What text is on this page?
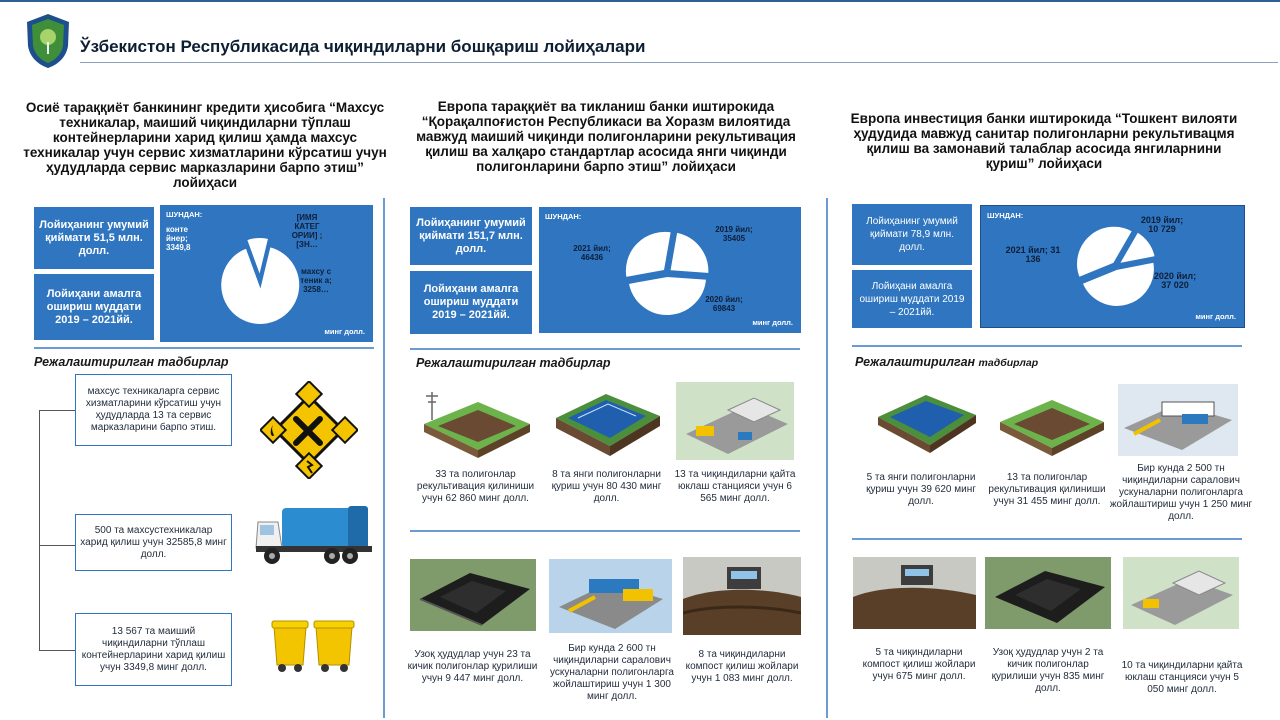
Ўзбекистон Республикасида чиқиндиларни бошқариш лойиҳалари
Осиё тараққиёт банкининг кредити ҳисобига “Махсус техникалар, маиший чиқиндиларни тўплаш контейнерларини харид қилиш ҳамда махсус техникалар учун сервис хизматларини кўрсатиш учун ҳудудларда сервис марказларини барпо этиш” лойиҳаси
Лойиҳанинг умумий қиймати 51,5 млн. долл.
Лойиҳани амалга ошириш муддати 2019 – 2021йй.
ШУНДАН:
конте йнер; 3349,8
[ИМЯ КАТЕГ ОРИИ] ; [ЗН…
махсу с теник а; 3258…
минг долл.
Режалаштирилган тадбирлар
махсус техникаларга сервис хизматларини кўрсатиш учун ҳудудларда 13 та сервис марказларини барпо этиш.
500 та махсустехникалар харид қилиш учун 32585,8 минг долл.
13 567 та маиший чиқиндиларни тўплаш контейнерларини харид қилиш учун 3349,8 минг долл.
Европа тараққиёт ва тикланиш банки иштирокида “Қорақалпоғистон Республикаси ва Хоразм вилоятида мавжуд маиший чиқинди полигонларини рекультивация қилиш ва халқаро стандартлар асосида янги чиқинди полигонларини барпо этиш” лойиҳаси
Лойиҳанинг умумий қиймати 151,7 млн. долл.
Лойиҳани амалга ошириш муддати 2019 – 2021йй.
ШУНДАН:
2019 йил; 35405
2020 йил; 69843
2021 йил; 46436
минг долл.
Режалаштирилган тадбирлар
33 та полигонлар рекультивация қилиниши учун 62 860 минг долл.
8 та янги полигонларни қуриш учун 80 430 минг долл.
13 та чиқиндиларни қайта юклаш станцияси учун 6 565 минг долл.
Узоқ ҳудудлар учун 23 та кичик полигонлар қурилиши учун 9 447 минг долл.
Бир кунда 2 600 тн чиқиндиларни саралович ускуналарни полигонларга жойлаштириш учун 1 300 минг долл.
8 та чиқиндиларни компост қилиш жойлари учун 1 083 минг долл.
Европа инвестиция банки иштирокида “Тошкент вилояти ҳудудида мавжуд санитар полигонларни рекультивацмя қилиш ва замонавий талаблар асосида янгиларнини қуриш” лойиҳаси
Лойиҳанинг умумий қиймати 78,9 млн. долл.
Лойиҳани амалга ошириш муддати 2019 – 2021йй.
ШУНДАН:	2019 йил; 10 729
2020 йил; 37 020
2021 йил; 31 136
минг долл.
Режалаштирилган тадбирлар
5 та янги полигонларни қуриш учун 39 620 минг долл.
13 та полигонлар рекультивация қилиниши учун 31 455 минг долл.
Бир кунда 2 500 тн чиқиндиларни саралович ускуналарни полигонларга жойлаштириш учун 1 250 минг долл.
5 та чиқиндиларни компост қилиш жойлари учун 675 минг долл.
Узоқ ҳудудлар учун 2 та кичик полигонлар қурилиши учун 835 минг долл.
10 та чиқиндиларни қайта юклаш станцияси учун 5 050 минг долл.
